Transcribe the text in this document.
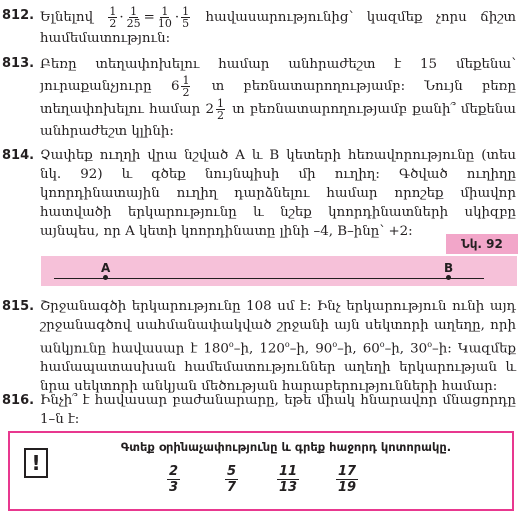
812. Ելնելով $\frac{1}{2} \cdot \frac{1}{25} = \frac{1}{10} \cdot \frac{1}{5}$ հավասարությունից՝ կազմեք չորս ճիշտ համեմատություն:
813. Բեռը տեղափոխելու համար անհրաժեշտ է 15 մեքենա՝ յուրաքանչյուրը $6 \frac{1}{2}$ տ բեռնատարողությամբ: Նույն բեռը տեղափոխելու համար $2 \frac{1}{2}$ տ բեռնատարողությամբ քանի՞ մեքենա անհրաժեշտ կլինի:
814. Չափեք ուղղի վրա նշված A և B կետերի հեռավորությունը (տես նկ. 92) և գծեք նույնպիսի մի ուղիղ: Գծված ուղիղը կոորդինատային ուղիղ դարձնելու համար որոշեք միավոր հատվածի երկարությունը և նշեք կոորդինատների սկիզբը այնպես, որ A կետի կոորդինատը լինի –4, B–ինը՝ +2:
Նկ. 92
A	B
815. Շրջանագծի երկարությունը 108 սմ է: Ինչ երկարություն ունի այդ շրջանագծով սահմանափակված շրջանի այն սեկտորի աղեղը, որի անկյունը հավասար է 180$^o$–ի, 120$^o$–ի, 90$^o$–ի, 60$^o$–ի, 30$^o$–ի: Կազմեք համապատասխան համեմատություններ աղեղի երկարության և նրա սեկտորի անկյան մեծության հարաբերությունների համար:
816. Ինչի՞ է հավասար բաժանարարը, եթե միակ հնարավոր մնացորդը 1–ն է:
!
Գտեք օրինաչափությունը և գրեք հաջորդ կոտորակը.
2
3
5
7
11
13
17
19
